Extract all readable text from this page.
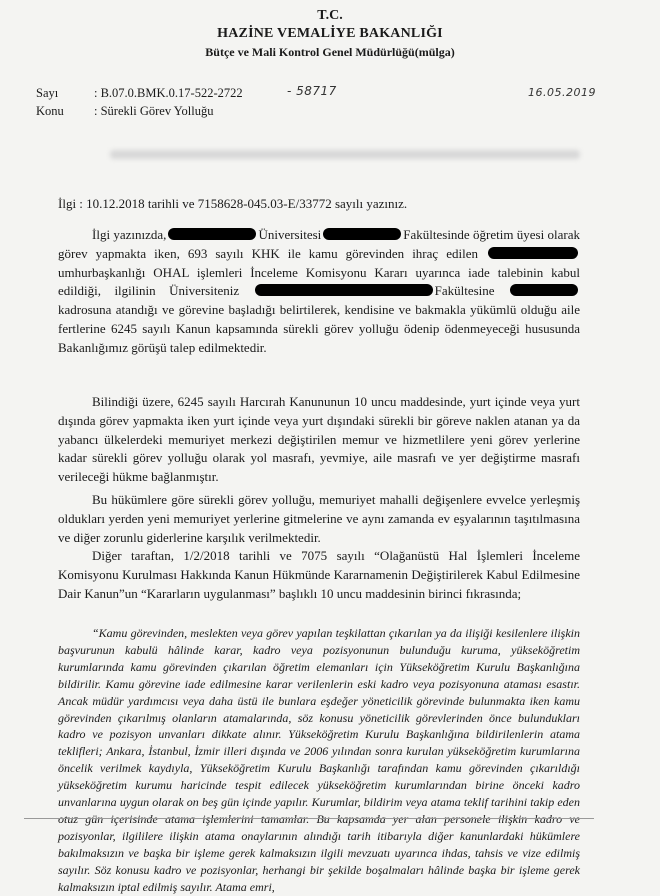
T.C.
HAZİNE VEMALİYE BAKANLIĞI
Bütçe ve Mali Kontrol Genel Müdürlüğü(mülga)
Sayı	: B.07.0.BMK.0.17-522-2722	- 58717	16.05.2019
Konu : Sürekli Görev Yolluğu
İlgi : 10.12.2018 tarihli ve 7158628-045.03-E/33772 sayılı yazınız.

İlgi yazınızda,	Üniversitesi	Fakültesinde öğretim üyesi olarak görev yapmakta iken, 693 sayılı KHK ile kamu görevinden ihraç edilen umhurbaşkanlığı OHAL işlemleri İnceleme Komisyonu Kararı uyarınca iade talebinin kabul edildiği, ilgilinin Üniversiteniz	Fakültesine  kadrosuna atandığı ve görevine başladığı belirtilerek, kendisine ve bakmakla yükümlü olduğu aile fertlerine 6245 sayılı Kanun kapsamında sürekli görev yolluğu ödenip ödenmeyeceği hususunda Bakanlığımız görüşü talep edilmektedir.

Bilindiği üzere, 6245 sayılı Harcırah Kanununun 10 uncu maddesinde, yurt içinde veya yurt dışında görev yapmakta iken yurt içinde veya yurt dışındaki sürekli bir göreve naklen atanan ya da yabancı ülkelerdeki memuriyet merkezi değiştirilen memur ve hizmetlilere yeni görev yerlerine kadar sürekli görev yolluğu olarak yol masrafı, yevmiye, aile masrafı ve yer değiştirme masrafı verileceği hükme bağlanmıştır.

Bu hükümlere göre sürekli görev yolluğu, memuriyet mahalli değişenlere evvelce yerleşmiş oldukları yerden yeni memuriyet yerlerine gitmelerine ve aynı zamanda ev eşyalarının taşıtılmasına ve diğer zorunlu giderlerine karşılık verilmektedir.

Diğer taraftan, 1/2/2018 tarihli ve 7075 sayılı “Olağanüstü Hal İşlemleri İnceleme Komisyonu Kurulması Hakkında Kanun Hükmünde Kararnamenin Değiştirilerek Kabul Edilmesine Dair Kanun”un “Kararların uygulanması” başlıklı 10 uncu maddesinin birinci fıkrasında;

“Kamu görevinden, meslekten veya görev yapılan teşkilattan çıkarılan ya da ilişiği kesilenlere ilişkin başvurunun kabulü hâlinde karar, kadro veya pozisyonunun bulunduğu kuruma, yükseköğretim kurumlarında kamu görevinden çıkarılan öğretim elemanları için Yükseköğretim Kurulu Başkanlığına bildirilir. Kamu görevine iade edilmesine karar verilenlerin eski kadro veya pozisyonuna ataması esastır. Ancak müdür yardımcısı veya daha üstü ile bunlara eşdeğer yöneticilik görevinde bulunmakta iken kamu görevinden çıkarılmış olanların atamalarında, söz konusu yöneticilik görevlerinden önce bulundukları kadro ve pozisyon unvanları dikkate alınır. Yükseköğretim Kurulu Başkanlığına bildirilenlerin atama teklifleri; Ankara, İstanbul, İzmir illeri dışında ve 2006 yılından sonra kurulan yükseköğretim kurumlarına öncelik verilmek kaydıyla, Yükseköğretim Kurulu Başkanlığı tarafından kamu görevinden çıkarıldığı yükseköğretim kurumu haricinde tespit edilecek yükseköğretim kurumlarından birine önceki kadro unvanlarına uygun olarak on beş gün içinde yapılır. Kurumlar, bildirim veya atama teklif tarihini takip eden pozisyonlar, ilgililere ilişkin atama onaylarının alındığı tarih itibarıyla diğer kanunlardaki hükümlere bakılmaksızın ve başka bir işleme gerek kalmaksızın ilgili mevzuatı uyarınca ihdas, tahsis ve vize edilmiş sayılır. Söz konusu kadro ve pozisyonlar, herhangi bir şekilde boşalmaları hâlinde başka bir işleme gerek kalmaksızın iptal edilmiş sayılır. Atama emri,
